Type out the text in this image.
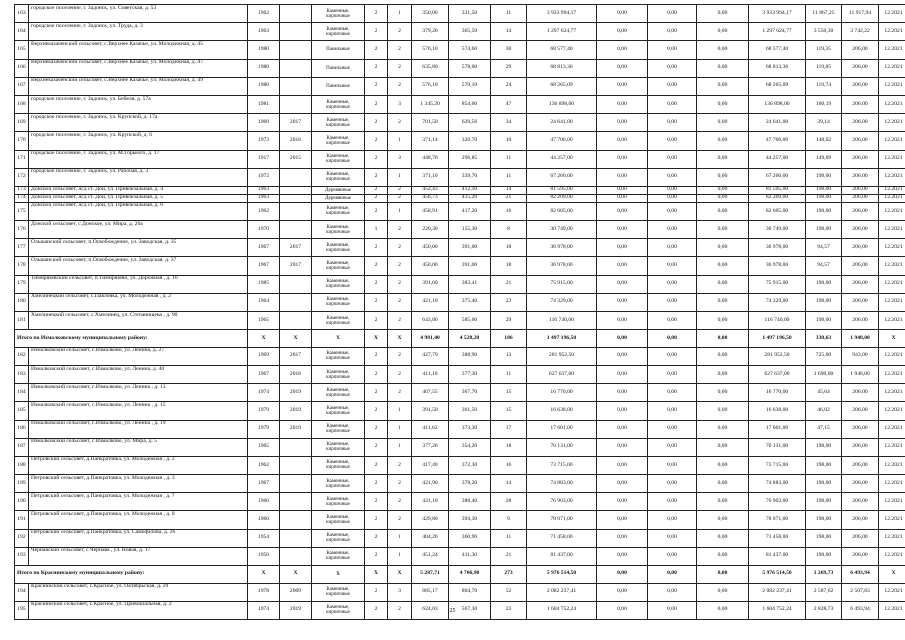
163	городское поселение, г. Задонск, ул. Советская, д. 53	1962		Каменные, кирпичные	2	1	350,00	331,50	11	3 933 994,17	0,00	0,00	0,00	3 933 994,17	11 867,25	11 917,94	12.2021
164	городское поселение, г. Задонск, ул. Труда, д. 3	1963		Каменные, кирпичные	2	2	379,20	365,50	14	1 297 624,77	0,00	0,00	0,00	1 297 624,77	3 550,30	3 742,22	12.2021
165	Верхнеказаченский сельсовет, с.Верхнее Казачье, ул. Молодежная, д. 45	1980		Панельные	2	2	576,10	574,60	30	68 577,40	0,00	0,00	0,00	68 577,40	119,35	206,00	12.2021
166	Верхнеказаченский сельсовет, с.Верхнее Казачье, ул. Молодежная, д. 47	1980		Панельные	2	2	635,80	578,00	29	68 813,36	0,00	0,00	0,00	68 813,36	119,05	206,00	12.2021
167	Верхнеказаченский сельсовет, с.Верхнее Казачье, ул. Молодежная, д. 49	1980		Панельные	2	2	576,10	570,10	24	68 265,09	0,00	0,00	0,00	68 265,09	119,74	206,00	12.2021
168	городское поселение, г. Задонск, ул. Бебеля, д. 57а	1981		Каменные, кирпичные	2	3	1 345,20	854,60	47	136 898,00	0,00	0,00	0,00	136 898,00	160,19	206,00	12.2021
169	городское поселение, г. Задонск, ул. Крупской, д. 17а	1960	2017	Каменные, кирпичные	2	2	701,50	629,56	34	24 641,00	0,00	0,00	0,00	24 641,00	39,14	206,00	12.2021
170	городское поселение, г. Задонск, ул. Крупской, д. 6	1973	2016	Каменные, кирпичные	2	1	371,14	326,70	10	47 706,00	0,00	0,00	0,00	47 706,00	148,02	206,00	12.2021
171	городское поселение, г. Задонск, ул. М.Горького, д. 17	1917	2015	Каменные, кирпичные	2	3	448,70	296,85	11	44 257,00	0,00	0,00	0,00	44 257,00	149,09	206,00	12.2021
172	городское поселение, г. Задонск, ул. Рабочая, д. 3	1972		Каменные, кирпичные	2	1	371,10	339,70	11	67 260,00	0,00	0,00	0,00	67 260,00	198,00	206,00	12.2021
173	Донской сельсовет, ж/д ст. Дон, ул. Привокзальная, д. 4	1963		Деревянные	2	2	452,43	412,10	14	81 595,00	0,00	0,00	0,00	81 595,00	198,00	206,00	12.2021
174	Донской сельсовет, ж/д ст. Дон, ул. Привокзальная, д. 5	1963		Деревянные	2	2	456,73	415,20	21	82 209,00	0,00	0,00	0,00	82 209,00	198,00	206,00	12.2021
175	Донской сельсовет, ж/д ст. Дон, ул. Привокзальная, д. 6	1962		Каменные, кирпичные	2	1	458,91	417,20	16	82 605,00	0,00	0,00	0,00	82 605,00	198,00	206,00	12.2021
176	Донской сельсовет, с.Донское, ул. Мира, д. 26а	1970		Каменные, кирпичные	1	2	220,30	155,30	8	30 749,00	0,00	0,00	0,00	30 749,00	198,00	206,00	12.2021
177	Ольшанский сельсовет, п.Освобождение, ул. Заводская, д. 35	1967	2017	Каменные, кирпичные	2	2	450,00	391,00	18	36 978,00	0,00	0,00	0,00	36 978,00	94,57	206,00	12.2021
178	Ольшанский сельсовет, п.Освобождение, ул. Заводская, д. 37	1967	2017	Каменные, кирпичные	2	2	450,00	391,00	18	36 978,00	0,00	0,00	0,00	36 978,00	94,57	206,00	12.2021
179	Тимирязевский сельсовет, п.Тимирязево, ул. Дорожная , д. 16	1985		Каменные, кирпичные	2	2	391,60	383,41	21	75 915,00	0,00	0,00	0,00	75 915,00	198,00	206,00	12.2021
180	Хмелинецкий сельсовет, с.Павловка, ул. Молодежная , д. 2	1964		Каменные, кирпичные	2	2	421,10	375,40	23	74 329,00	0,00	0,00	0,00	74 329,00	198,00	206,00	12.2021
181	Хмелинецкий сельсовет, с.Хмелинец, ул. Степанищева , д. 90	1965		Каменные, кирпичные	2	2	643,80	585,60	29	116 740,00	0,00	0,00	0,00	116 740,00	198,00	206,00	12.2021
Итого по Измалковскому муниципальному району:		X	X	X	X	X	4 981,40	4 528,20	186	1 497 196,50	0,00	0,00	0,00	1 497 196,50	330,63	1 948,00	X
182	Измалковский сельсовет, с.Измалково, ул. Ленина, д. 27	1969	2017	Каменные, кирпичные	2	2	427,79	388,90	13	281 952,50	0,00	0,00	0,00	281 952,50	725,00	943,00	12.2021
183	Измалковский сельсовет, с.Измалково, ул. Ленина, д. 40	1967	2016	Каменные, кирпичные	2	2	411,10	377,30	11	627 637,00	0,00	0,00	0,00	627 637,00	1 690,00	1 948,00	12.2021
184	Измалковский сельсовет, с.Измалково, ул. Ленина , д. 13	1974	2019	Каменные, кирпичные	2	2	407,55	367,70	15	16 770,00	0,00	0,00	0,00	16 770,00	45,64	206,00	12.2021
185	Измалковский сельсовет, с.Измалково, ул. Ленина , д. 15	1979	2019	Каменные, кирпичные	2	1	391,50	361,50	15	16 638,00	0,00	0,00	0,00	16 638,00	46,02	206,00	12.2021
186	Измалковский сельсовет, с.Измалково, ул. Ленина , д. 19	1979	2019	Каменные, кирпичные	2	1	411,62	373,30	17	17 601,00	0,00	0,00	0,00	17 601,00	47,15	206,00	12.2021
187	Измалковский сельсовет, с.Измалково, ул. Мира, д. 5	1965		Каменные, кирпичные	2	1	377,20	354,20	18	70 131,00	0,00	0,00	0,00	70 131,00	198,00	206,00	12.2021
188	Петровский сельсовет, д.Панкратовка, ул. Молодежная , д. 2	1962		Каменные, кирпичные	2	2	417,40	372,30	16	73 715,00	0,00	0,00	0,00	73 715,00	198,00	206,00	12.2021
189	Петровский сельсовет, д.Панкратовка, ул. Молодежная , д. 3	1967		Каменные, кирпичные	2	2	421,90	378,20	14	74 883,00	0,00	0,00	0,00	74 883,00	198,00	206,00	12.2021
190	Петровский сельсовет, д.Панкратовка, ул. Молодежная , д. 7	1966		Каменные, кирпичные	2	2	431,10	388,40	28	76 903,00	0,00	0,00	0,00	76 903,00	198,00	206,00	12.2021
191	Петровский сельсовет, д.Панкратовка, ул. Молодежная , д. 8	1966		Каменные, кирпичные	2	2	429,80	394,30	9	78 071,00	0,00	0,00	0,00	78 071,00	198,00	206,00	12.2021
192	Петровский сельсовет, д.Панкратовка, ул. Самофалова, д. 26	1954		Каменные, кирпичные	2	1	404,20	360,90	11	71 458,00	0,00	0,00	0,00	71 458,00	198,00	206,00	12.2021
193	Чернавский сельсовет, с.Чернава , ул. Новая, д. 17	1956		Каменные, кирпичные	2	1	451,24	411,30	21	81 437,00	0,00	0,00	0,00	81 437,00	198,00	206,00	12.2021
Итого по Краснинскому муниципальному району:		X	X	X	X	X	5 287,71	4 706,90	273	5 976 514,50	0,00	0,00	0,00	5 976 514,50	1 269,73	6 493,94	X
194	Краснинский сельсовет, с.Красное, ул. Октябрьская, д. 29	1978	2009	Каменные, кирпичные	2	3	885,17	804,70	52	2 082 237,41	0,00	0,00	0,00	2 082 237,41	2 587,62	2 507,83	12.2021
195	Краснинский сельсовет, с.Красное, ул. Привокзальная, д. 2	1974	2019	Каменные, кирпичные	2	2	624,03	567,30	23	1 604 752,24	0,00	0,00	0,00	1 604 752,24	2 828,73	6 493,94	12.2021
25
